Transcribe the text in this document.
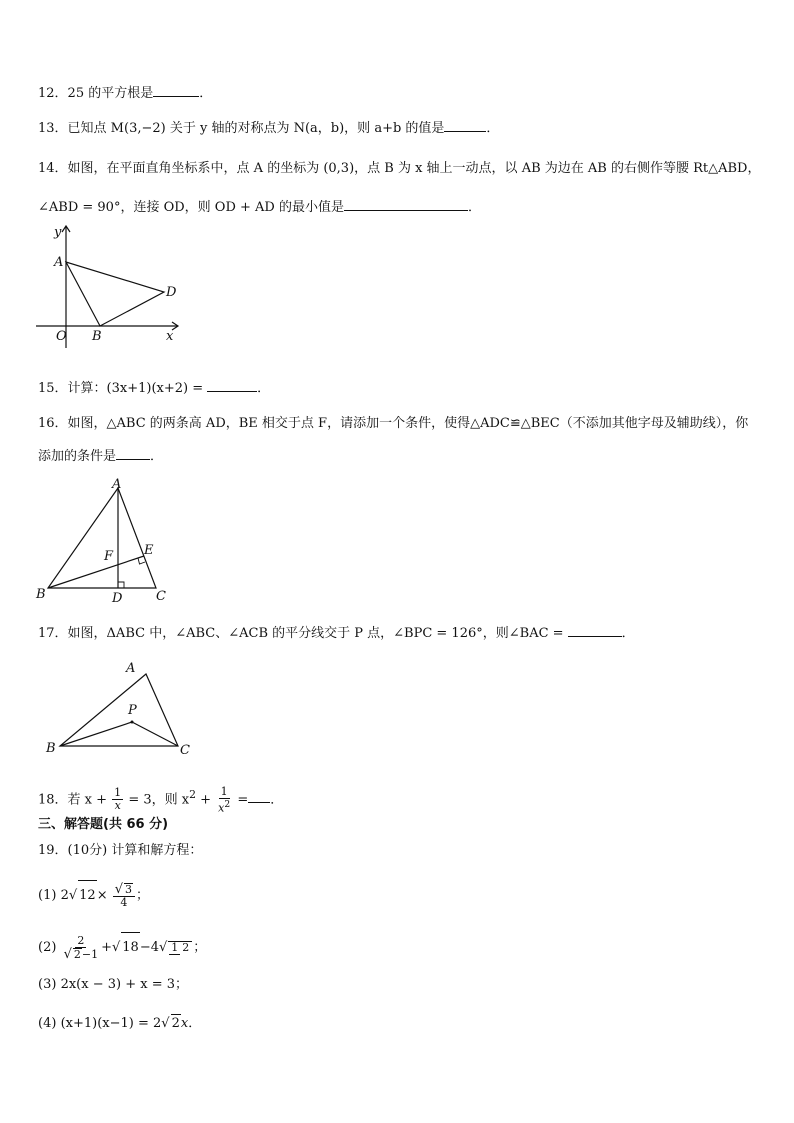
12．25 的平方根是	．
13．已知点 M(3,−2) 关于 y 轴的对称点为 N(a，b)，则 a+b 的值是	．
14．如图，在平面直角坐标系中，点 A 的坐标为 (0,3)，点 B 为 x 轴上一动点，以 AB 为边在 AB 的右侧作等腰 Rt△ABD，
∠ABD = 90°，连接 OD，则 OD + AD 的最小值是	．
y
x
A
O B
D
15．计算：(3x+1)(x+2) =	．
16．如图，△ABC 的两条高 AD，BE 相交于点 F，请添加一个条件，使得△ADC≌△BEC（不添加其他字母及辅助线），你
添加的条件是	．
A
B	C
D
E
F
17．如图，ΔABC 中，∠ABC、∠ACB 的平分线交于 P 点，∠BPC = 126°，则∠BAC =	．
A
B	C
P
18．若 $x + \frac{1}{x} = 3$，则 $x^2 + \frac{1}{x^2}$ = ．
三、解答题(共 66 分)
19．(10分) 计算和解方程：
(1) 2√ $12\times \frac{√ 3}{4}$ ；
$(2) \frac{2}{√ 2-1}$ +√ 18−4√ 1 2 ；
(3) 2x(x − 3) + x = 3；
(4) (x+1)(x−1) = 2√ 2x．
